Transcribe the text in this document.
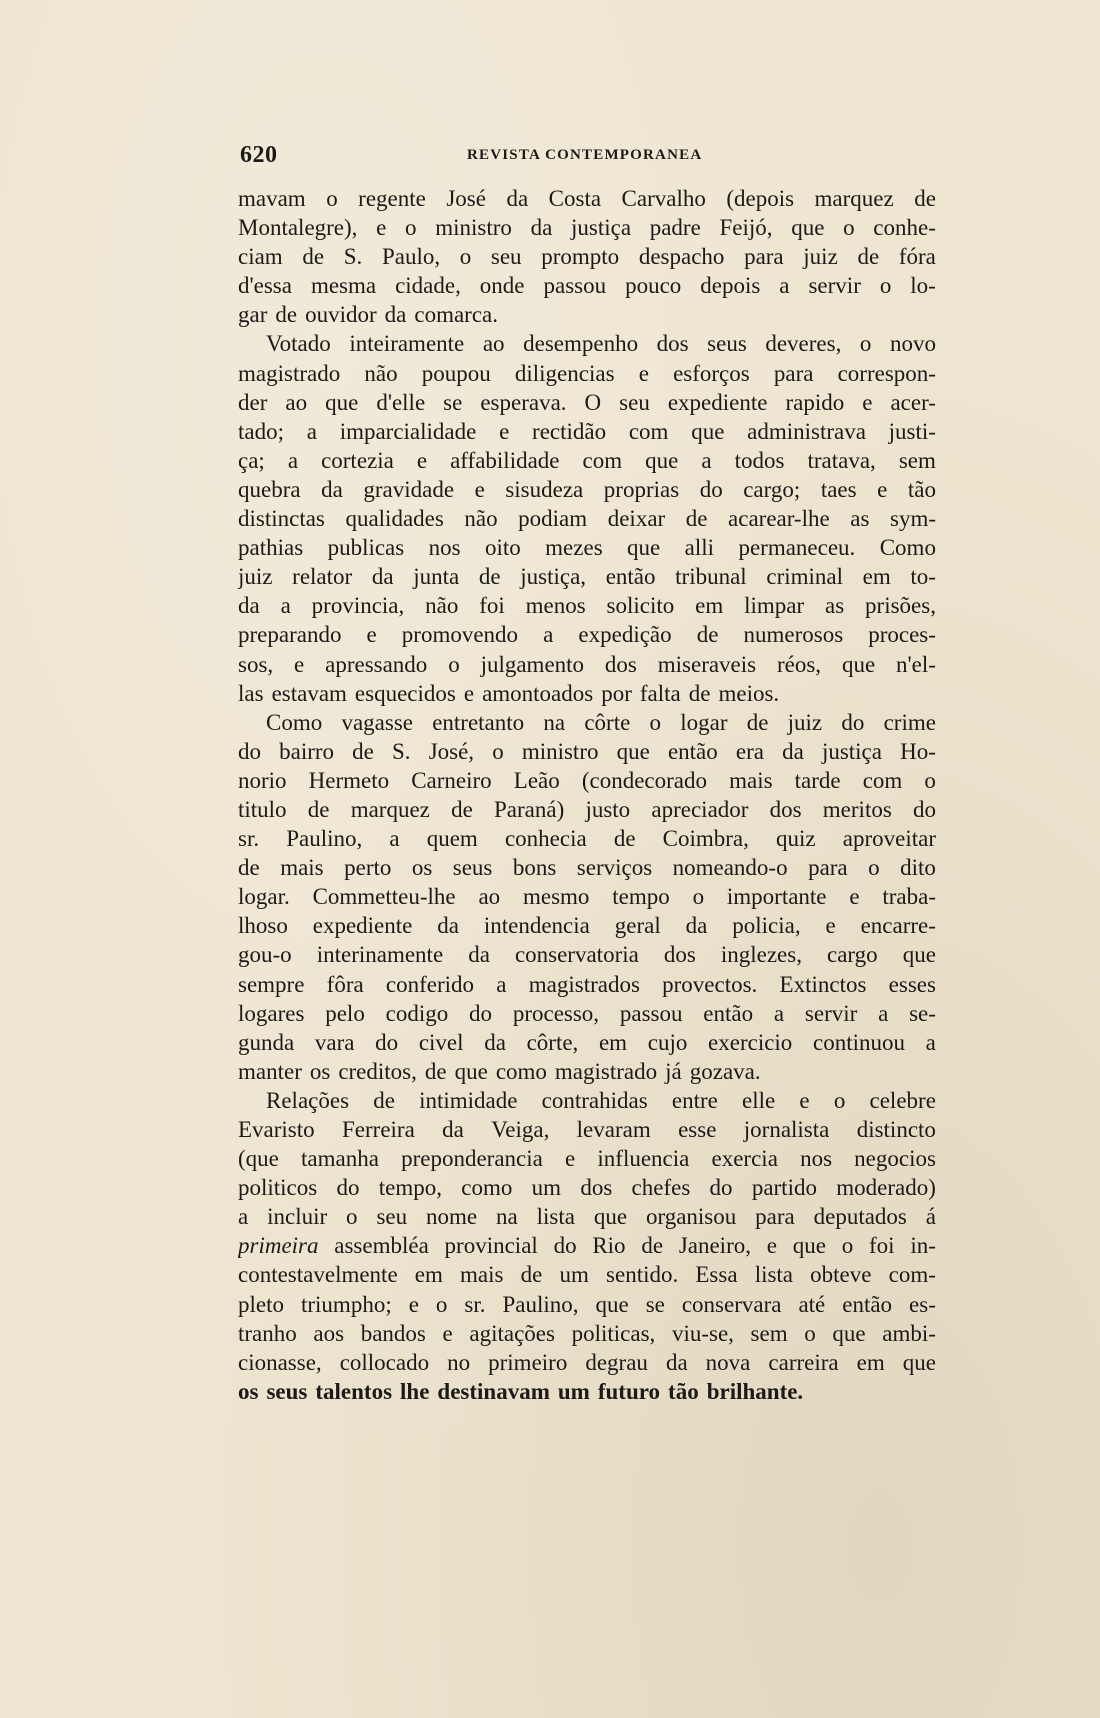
620	REVISTA CONTEMPORANEA
mavam o regente José da Costa Carvalho (depois marquez de
Montalegre), e o ministro da justiça padre Feijó, que o conhe-
ciam de S. Paulo, o seu prompto despacho para juiz de fóra
d'essa mesma cidade, onde passou pouco depois a servir o lo-
gar de ouvidor da comarca.
Votado inteiramente ao desempenho dos seus deveres, o novo
magistrado não poupou diligencias e esforços para correspon-
der ao que d'elle se esperava. O seu expediente rapido e acer-
tado; a imparcialidade e rectidão com que administrava justi-
ça; a cortezia e affabilidade com que a todos tratava, sem
quebra da gravidade e sisudeza proprias do cargo; taes e tão
distinctas qualidades não podiam deixar de acarear-lhe as sym-
pathias publicas nos oito mezes que alli permaneceu. Como
juiz relator da junta de justiça, então tribunal criminal em to-
da a provincia, não foi menos solicito em limpar as prisões,
preparando e promovendo a expedição de numerosos proces-
sos, e apressando o julgamento dos miseraveis réos, que n'el-
las estavam esquecidos e amontoados por falta de meios.
Como vagasse entretanto na côrte o logar de juiz do crime
do bairro de S. José, o ministro que então era da justiça Ho-
norio Hermeto Carneiro Leão (condecorado mais tarde com o
titulo de marquez de Paraná) justo apreciador dos meritos do
sr. Paulino, a quem conhecia de Coimbra, quiz aproveitar
de mais perto os seus bons serviços nomeando-o para o dito
logar. Commetteu-lhe ao mesmo tempo o importante e traba-
lhoso expediente da intendencia geral da policia, e encarre-
gou-o interinamente da conservatoria dos inglezes, cargo que
sempre fôra conferido a magistrados provectos. Extinctos esses
logares pelo codigo do processo, passou então a servir a se-
gunda vara do civel da côrte, em cujo exercicio continuou a
manter os creditos, de que como magistrado já gozava.
Relações de intimidade contrahidas entre elle e o celebre
Evaristo Ferreira da Veiga, levaram esse jornalista distincto
(que tamanha preponderancia e influencia exercia nos negocios
politicos do tempo, como um dos chefes do partido moderado)
a incluir o seu nome na lista que organisou para deputados á
primeira assembléa provincial do Rio de Janeiro, e que o foi in-
contestavelmente em mais de um sentido. Essa lista obteve com-
pleto triumpho; e o sr. Paulino, que se conservara até então es-
tranho aos bandos e agitações politicas, viu-se, sem o que ambi-
cionasse, collocado no primeiro degrau da nova carreira em que
os seus talentos lhe destinavam um futuro tão brilhante.
